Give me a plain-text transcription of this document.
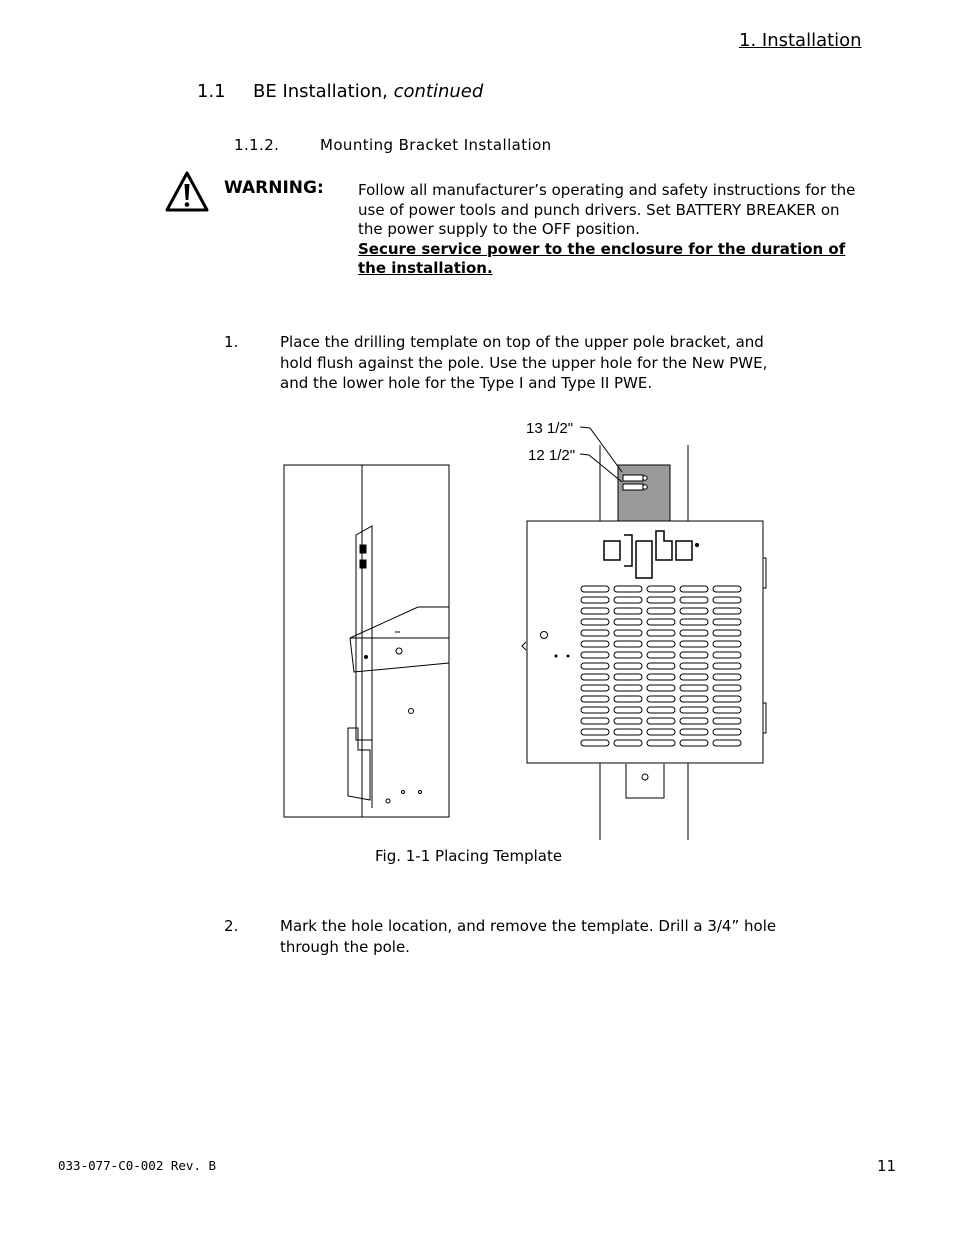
1. Installation
1.1 BE Installation, continued
1.1.2.	Mounting Bracket Installation
WARNING: Follow all manufacturer’s operating and safety instructions for the use of power tools and punch drivers. Set BATTERY BREAKER on the power supply to the OFF position.
Secure service power to the enclosure for the duration of the installation.
1.	Place the drilling template on top of the upper pole bracket, and hold flush against the pole. Use the upper hole for the New PWE, and the lower hole for the Type I and Type II PWE.
13 1/2"
12 1/2"
Fig. 1-1 Placing Template
2.	Mark the hole location, and remove the template. Drill a 3/4” hole through the pole.
033-077-C0-002 Rev. B	11
